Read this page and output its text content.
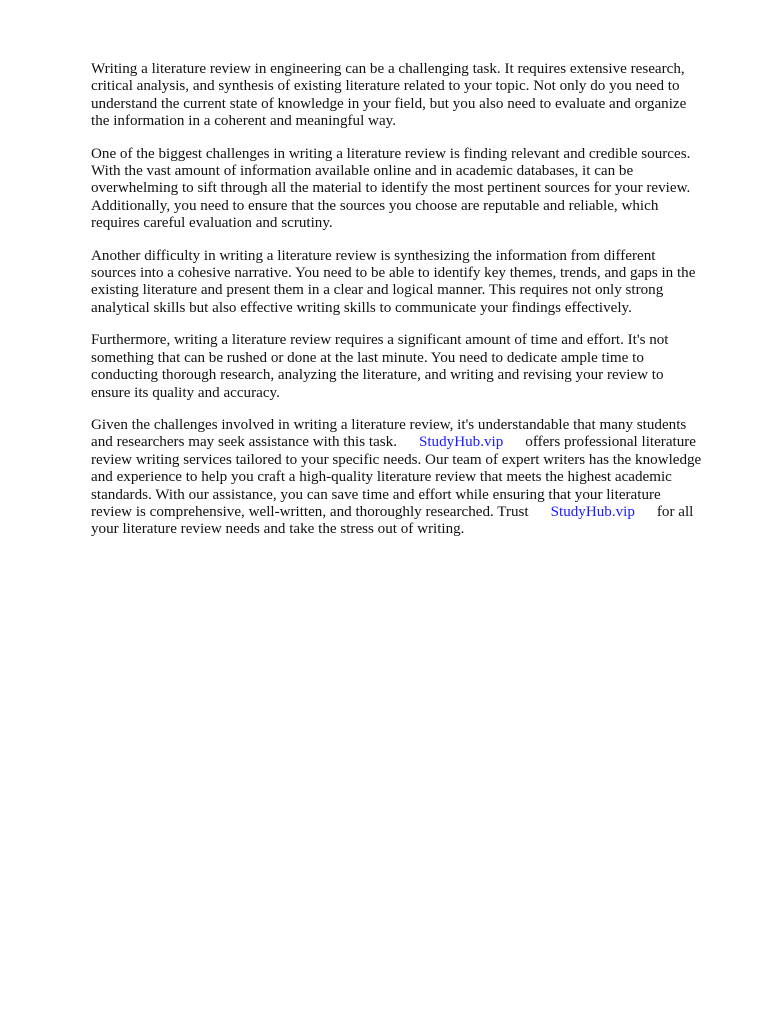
Writing a literature review in engineering can be a challenging task. It requires extensive research,
critical analysis, and synthesis of existing literature related to your topic. Not only do you need to
understand the current state of knowledge in your field, but you also need to evaluate and organize
the information in a coherent and meaningful way.

One of the biggest challenges in writing a literature review is finding relevant and credible sources.
With the vast amount of information available online and in academic databases, it can be
overwhelming to sift through all the material to identify the most pertinent sources for your review.
Additionally, you need to ensure that the sources you choose are reputable and reliable, which
requires careful evaluation and scrutiny.

Another difficulty in writing a literature review is synthesizing the information from different
sources into a cohesive narrative. You need to be able to identify key themes, trends, and gaps in the
existing literature and present them in a clear and logical manner. This requires not only strong
analytical skills but also effective writing skills to communicate your findings effectively.

Furthermore, writing a literature review requires a significant amount of time and effort. It's not
something that can be rushed or done at the last minute. You need to dedicate ample time to
conducting thorough research, analyzing the literature, and writing and revising your review to
ensure its quality and accuracy.

Given the challenges involved in writing a literature review, it's understandable that many students
and researchers may seek assistance with this task. StudyHub.vip offers professional literature
review writing services tailored to your specific needs. Our team of expert writers has the knowledge
and experience to help you craft a high-quality literature review that meets the highest academic
standards. With our assistance, you can save time and effort while ensuring that your literature
review is comprehensive, well-written, and thoroughly researched. Trust StudyHub.vip for all
your literature review needs and take the stress out of writing.
